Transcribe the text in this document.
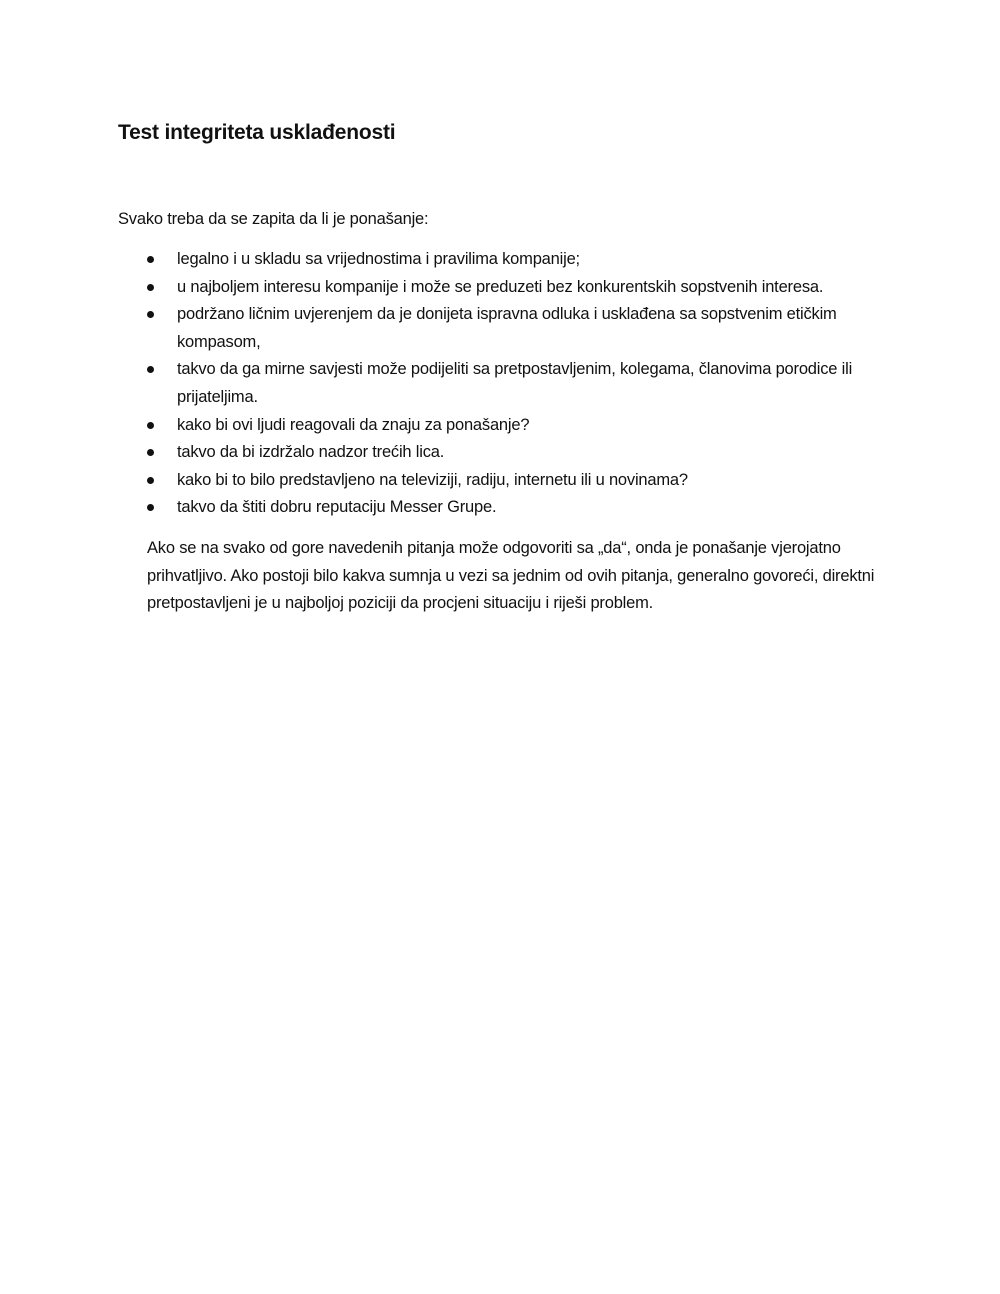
Test integriteta usklađenosti

Svako treba da se zapita da li je ponašanje:

legalno i u skladu sa vrijednostima i pravilima kompanije;
u najboljem interesu kompanije i može se preduzeti bez konkurentskih sopstvenih interesa.
podržano ličnim uvjerenjem da je donijeta ispravna odluka i usklađena sa sopstvenim etičkim kompasom,
takvo da ga mirne savjesti može podijeliti sa pretpostavljenim, kolegama, članovima porodice ili prijateljima.
kako bi ovi ljudi reagovali da znaju za ponašanje?
takvo da bi izdržalo nadzor trećih lica.
kako bi to bilo predstavljeno na televiziji, radiju, internetu ili u novinama?
takvo da štiti dobru reputaciju Messer Grupe.

Ako se na svako od gore navedenih pitanja može odgovoriti sa „da“, onda je ponašanje vjerojatno prihvatljivo. Ako postoji bilo kakva sumnja u vezi sa jednim od ovih pitanja, generalno govoreći, direktni pretpostavljeni je u najboljoj poziciji da procjeni situaciju i riješi problem.
